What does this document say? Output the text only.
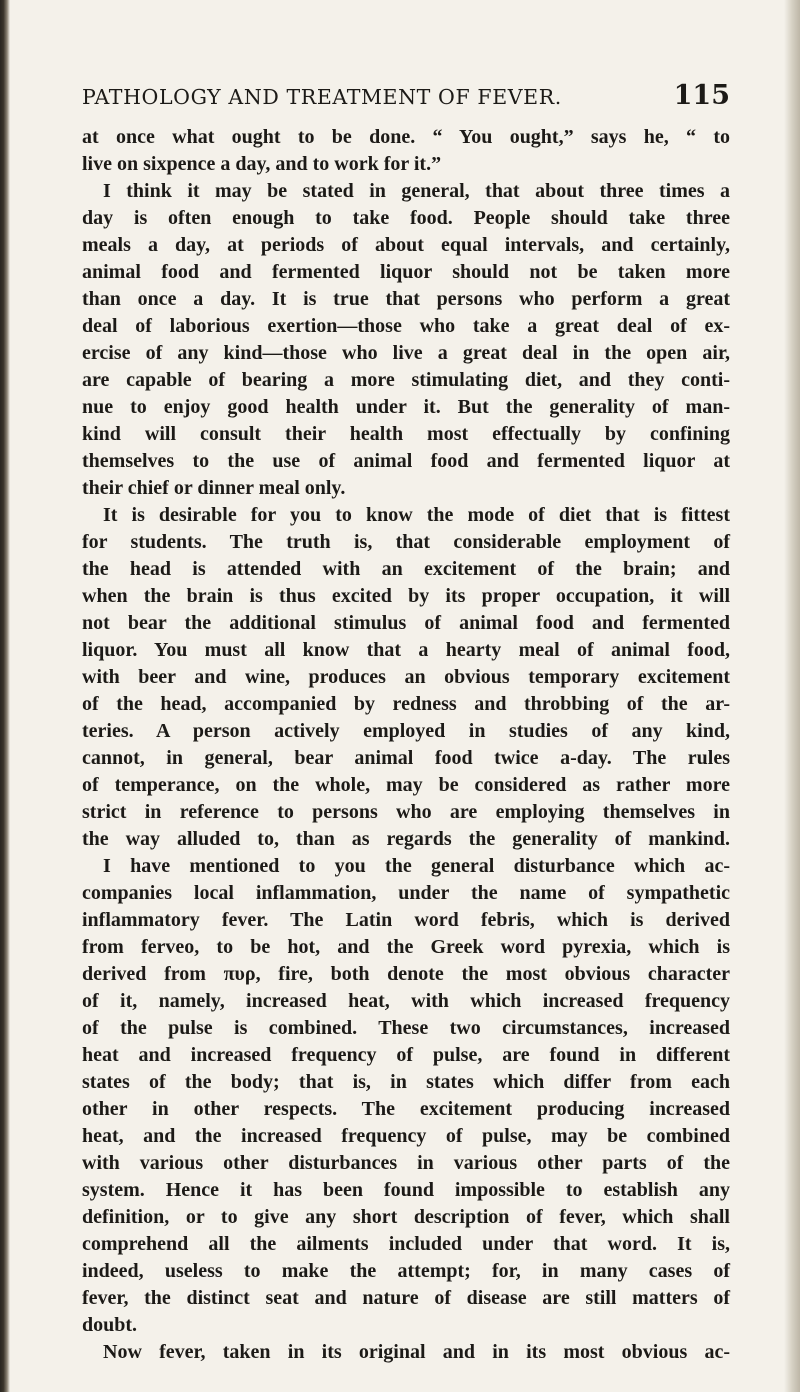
PATHOLOGY AND TREATMENT OF FEVER.	115
at once what ought to be done. “ You ought,” says he, “ to
live on sixpence a day, and to work for it.”
I think it may be stated in general, that about three times a
day is often enough to take food. People should take three
meals a day, at periods of about equal intervals, and certainly,
animal food and fermented liquor should not be taken more
than once a day. It is true that persons who perform a great
deal of laborious exertion—those who take a great deal of ex-
ercise of any kind—those who live a great deal in the open air,
are capable of bearing a more stimulating diet, and they conti-
nue to enjoy good health under it. But the generality of man-
kind will consult their health most effectually by confining
themselves to the use of animal food and fermented liquor at
their chief or dinner meal only.
It is desirable for you to know the mode of diet that is fittest
for students. The truth is, that considerable employment of
the head is attended with an excitement of the brain; and
when the brain is thus excited by its proper occupation, it will
not bear the additional stimulus of animal food and fermented
liquor. You must all know that a hearty meal of animal food,
with beer and wine, produces an obvious temporary excitement
of the head, accompanied by redness and throbbing of the ar-
teries. A person actively employed in studies of any kind,
cannot, in general, bear animal food twice a-day. The rules
of temperance, on the whole, may be considered as rather more
strict in reference to persons who are employing themselves in
the way alluded to, than as regards the generality of mankind.
I have mentioned to you the general disturbance which ac-
companies local inflammation, under the name of sympathetic
inflammatory fever. The Latin word febris, which is derived
from ferveo, to be hot, and the Greek word pyrexia, which is
derived from πυρ, fire, both denote the most obvious character
of it, namely, increased heat, with which increased frequency
of the pulse is combined. These two circumstances, increased
heat and increased frequency of pulse, are found in different
states of the body; that is, in states which differ from each
other in other respects. The excitement producing increased
heat, and the increased frequency of pulse, may be combined
with various other disturbances in various other parts of the
system. Hence it has been found impossible to establish any
definition, or to give any short description of fever, which shall
comprehend all the ailments included under that word. It is,
indeed, useless to make the attempt; for, in many cases of
fever, the distinct seat and nature of disease are still matters of
doubt.
Now fever, taken in its original and in its most obvious ac-
